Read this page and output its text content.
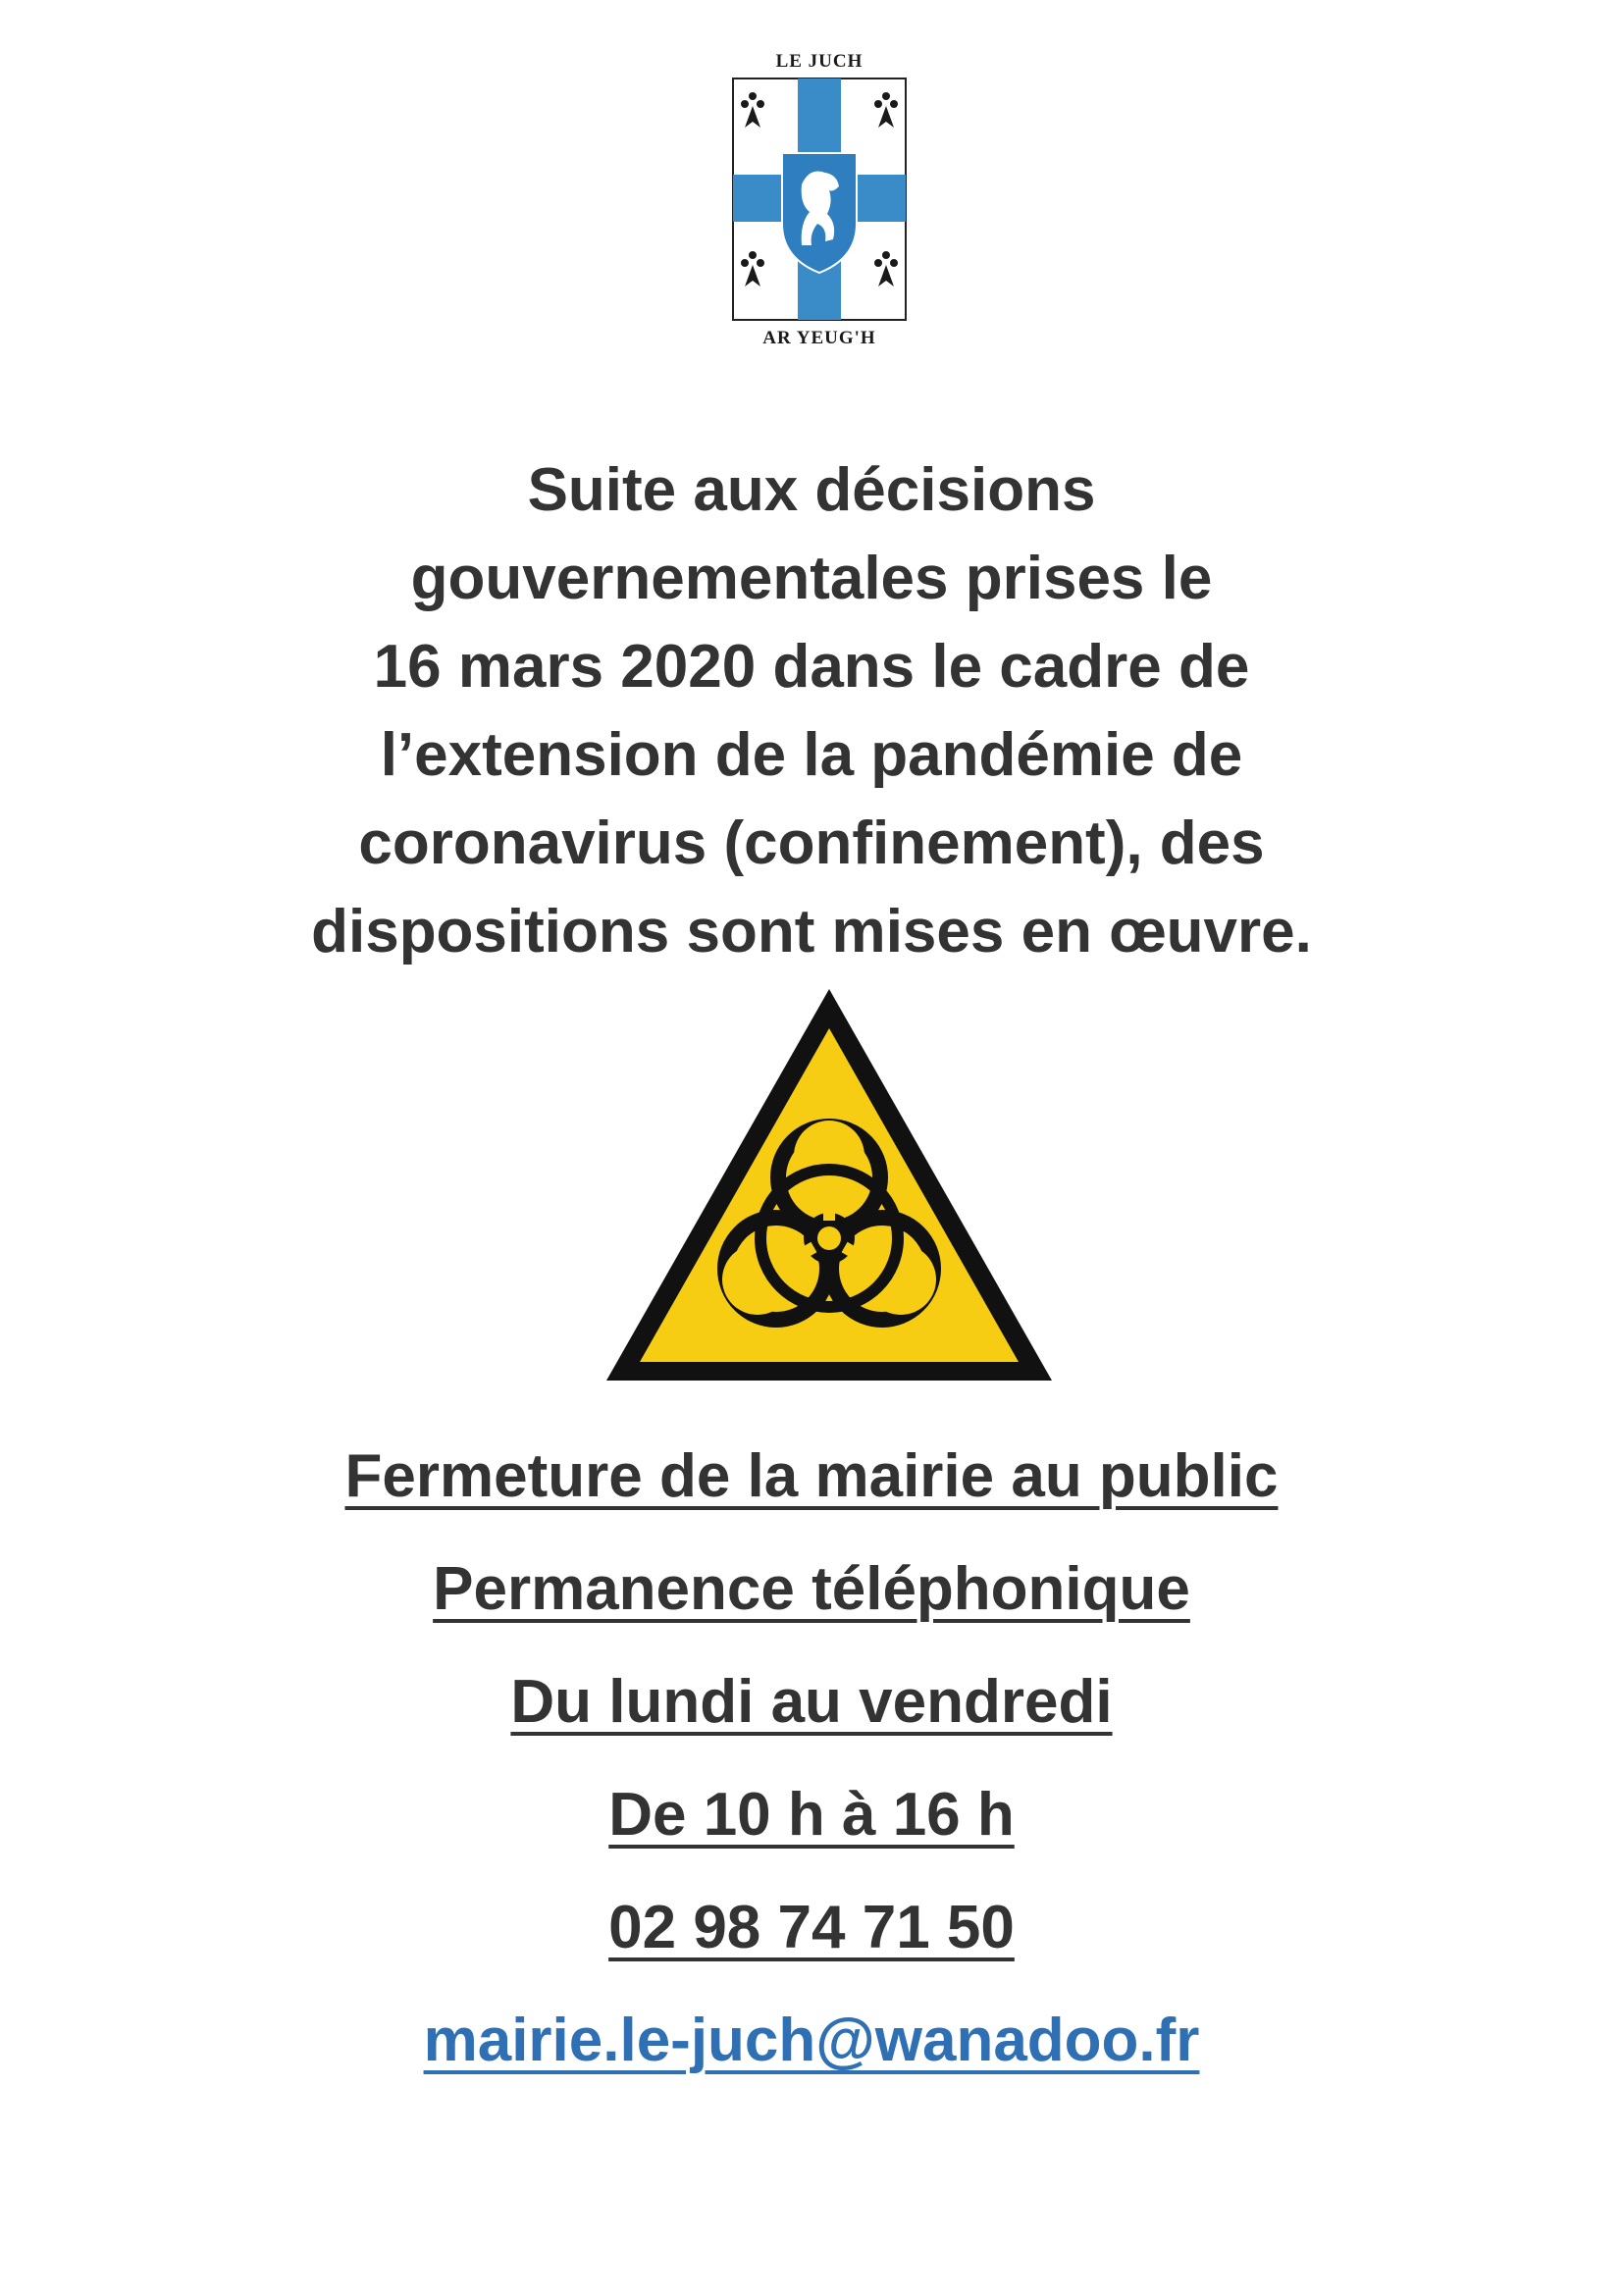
LE JUCH
AR YEUG'H

Suite aux décisions

gouvernementales prises le

16 mars 2020 dans le cadre de

l’extension de la pandémie de

coronavirus (confinement), des

dispositions sont mises en œuvre.

Fermeture de la mairie au public
Permanence téléphonique
Du lundi au vendredi
De 10 h à 16 h
02 98 74 71 50
mairie.le-juch@wanadoo.fr
